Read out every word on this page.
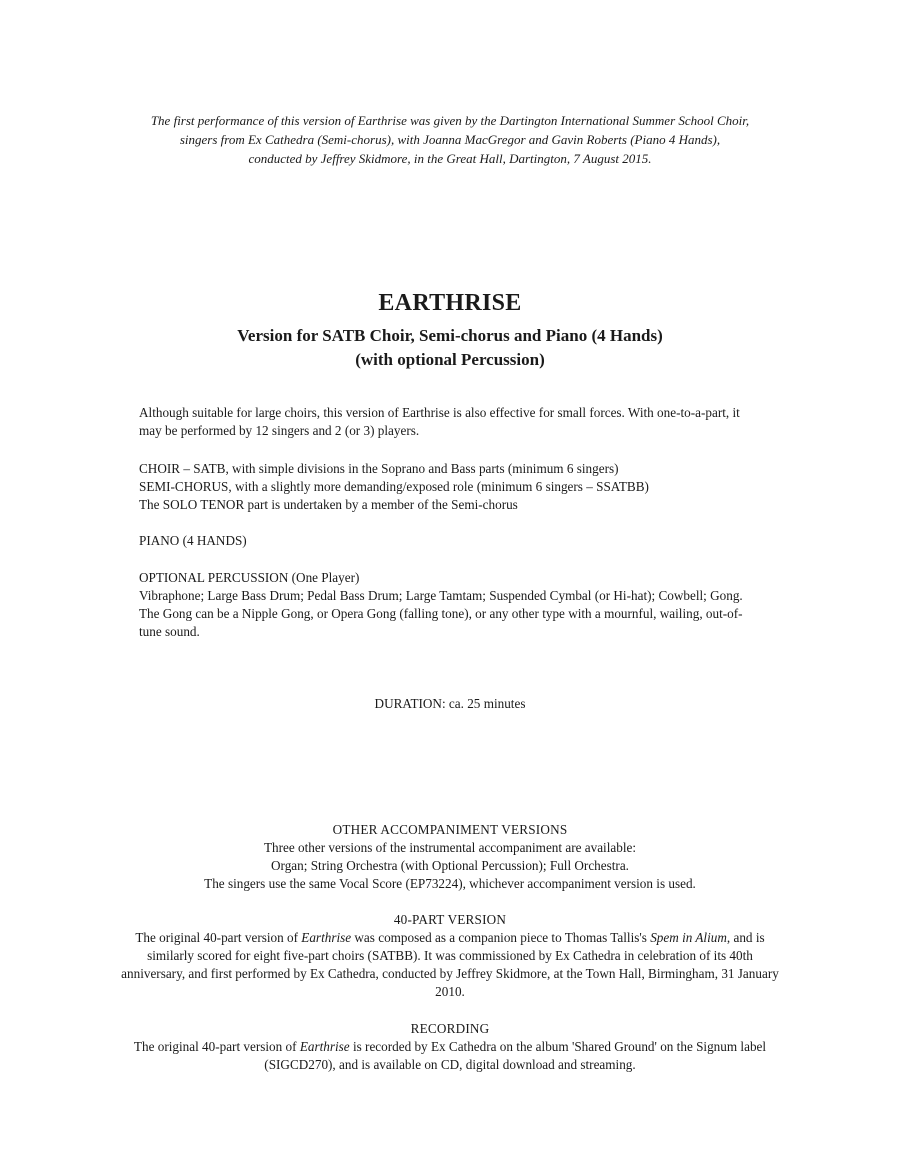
The first performance of this version of Earthrise was given by the Dartington International Summer School Choir,

singers from Ex Cathedra (Semi-chorus), with Joanna MacGregor and Gavin Roberts (Piano 4 Hands),

conducted by Jeffrey Skidmore, in the Great Hall, Dartington, 7 August 2015.

EARTHRISE

Version for SATB Choir, Semi-chorus and Piano (4 Hands)

(with optional Percussion)

Although suitable for large choirs, this version of Earthrise is also effective for small forces. With one-to-a-part, it may be performed by 12 singers and 2 (or 3) players.

CHOIR – SATB, with simple divisions in the Soprano and Bass parts (minimum 6 singers)

SEMI-CHORUS, with a slightly more demanding/exposed role (minimum 6 singers – SSATBB)

The SOLO TENOR part is undertaken by a member of the Semi-chorus

PIANO (4 HANDS)

OPTIONAL PERCUSSION (One Player)

Vibraphone; Large Bass Drum; Pedal Bass Drum; Large Tamtam; Suspended Cymbal (or Hi-hat); Cowbell; Gong. The Gong can be a Nipple Gong, or Opera Gong (falling tone), or any other type with a mournful, wailing, out-of-tune sound.

DURATION: ca. 25 minutes

OTHER ACCOMPANIMENT VERSIONS

Three other versions of the instrumental accompaniment are available:

Organ; String Orchestra (with Optional Percussion); Full Orchestra.

The singers use the same Vocal Score (EP73224), whichever accompaniment version is used.

40-PART VERSION

The original 40-part version of Earthrise was composed as a companion piece to Thomas Tallis's Spem in Alium, and is similarly scored for eight five-part choirs (SATBB). It was commissioned by Ex Cathedra in celebration of its 40th anniversary, and first performed by Ex Cathedra, conducted by Jeffrey Skidmore, at the Town Hall, Birmingham, 31 January 2010.

RECORDING

The original 40-part version of Earthrise is recorded by Ex Cathedra on the album 'Shared Ground' on the Signum label (SIGCD270), and is available on CD, digital download and streaming.
